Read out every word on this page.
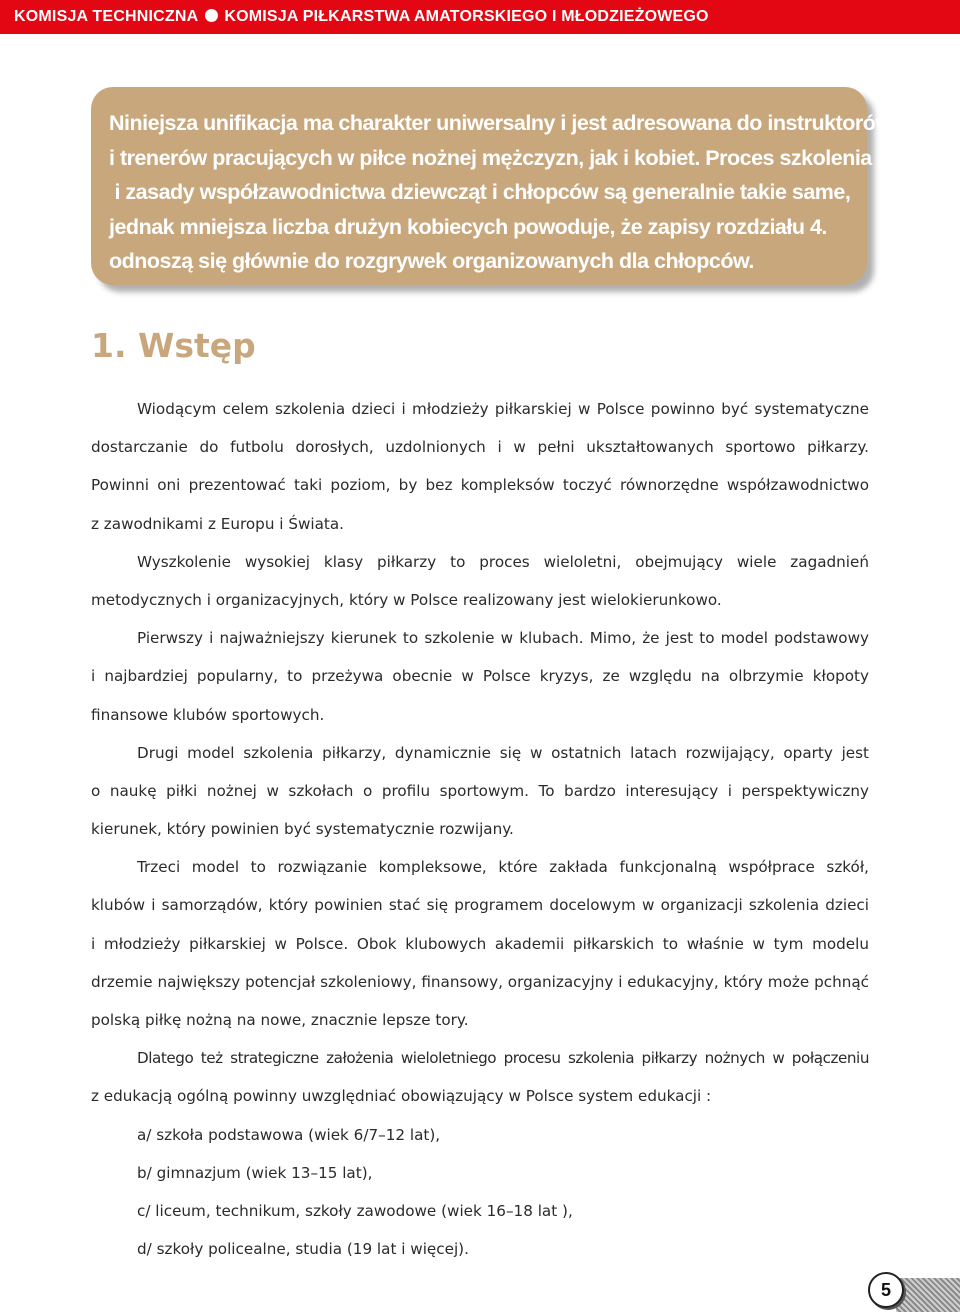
KOMISJA TECHNICZNA KOMISJA PIŁKARSTWA AMATORSKIEGO I MŁODZIEŻOWEGO
Niniejsza unifikacja ma charakter uniwersalny i jest adresowana do instruktorów
i trenerów pracujących w piłce nożnej mężczyzn, jak i kobiet. Proces szkolenia
i zasady współzawodnictwa dziewcząt i chłopców są generalnie takie same,
jednak mniejsza liczba drużyn kobiecych powoduje, że zapisy rozdziału 4.
odnoszą się głównie do rozgrywek organizowanych dla chłopców.
1. Wstęp
Wiodącym celem szkolenia dzieci i młodzieży piłkarskiej w Polsce powinno być systematyczne
dostarczanie do futbolu dorosłych, uzdolnionych i w pełni ukształtowanych sportowo piłkarzy.
Powinni oni prezentować taki poziom, by bez kompleksów toczyć równorzędne współzawodnictwo
z zawodnikami z Europu i Świata.
Wyszkolenie wysokiej klasy piłkarzy to proces wieloletni, obejmujący wiele zagadnień
metodycznych i organizacyjnych, który w Polsce realizowany jest wielokierunkowo.
Pierwszy i najważniejszy kierunek to szkolenie w klubach. Mimo, że jest to model podstawowy
i najbardziej popularny, to przeżywa obecnie w Polsce kryzys, ze względu na olbrzymie kłopoty
finansowe klubów sportowych.
Drugi model szkolenia piłkarzy, dynamicznie się w ostatnich latach rozwijający, oparty jest
o naukę piłki nożnej w szkołach o profilu sportowym. To bardzo interesujący i perspektywiczny
kierunek, który powinien być systematycznie rozwijany.
Trzeci model to rozwiązanie kompleksowe, które zakłada funkcjonalną współprace szkół,
klubów i samorządów, który powinien stać się programem docelowym w organizacji szkolenia dzieci
i młodzieży piłkarskiej w Polsce. Obok klubowych akademii piłkarskich to właśnie w tym modelu
drzemie największy potencjał szkoleniowy, finansowy, organizacyjny i edukacyjny, który może pchnąć
polską piłkę nożną na nowe, znacznie lepsze tory.
Dlatego też strategiczne założenia wieloletniego procesu szkolenia piłkarzy nożnych w połączeniu
z edukacją ogólną powinny uwzględniać obowiązujący w Polsce system edukacji :
a/ szkoła podstawowa (wiek 6/7–12 lat),
b/ gimnazjum (wiek 13–15 lat),
c/ liceum, technikum, szkoły zawodowe (wiek 16–18 lat ),
d/ szkoły policealne, studia (19 lat i więcej).
5
